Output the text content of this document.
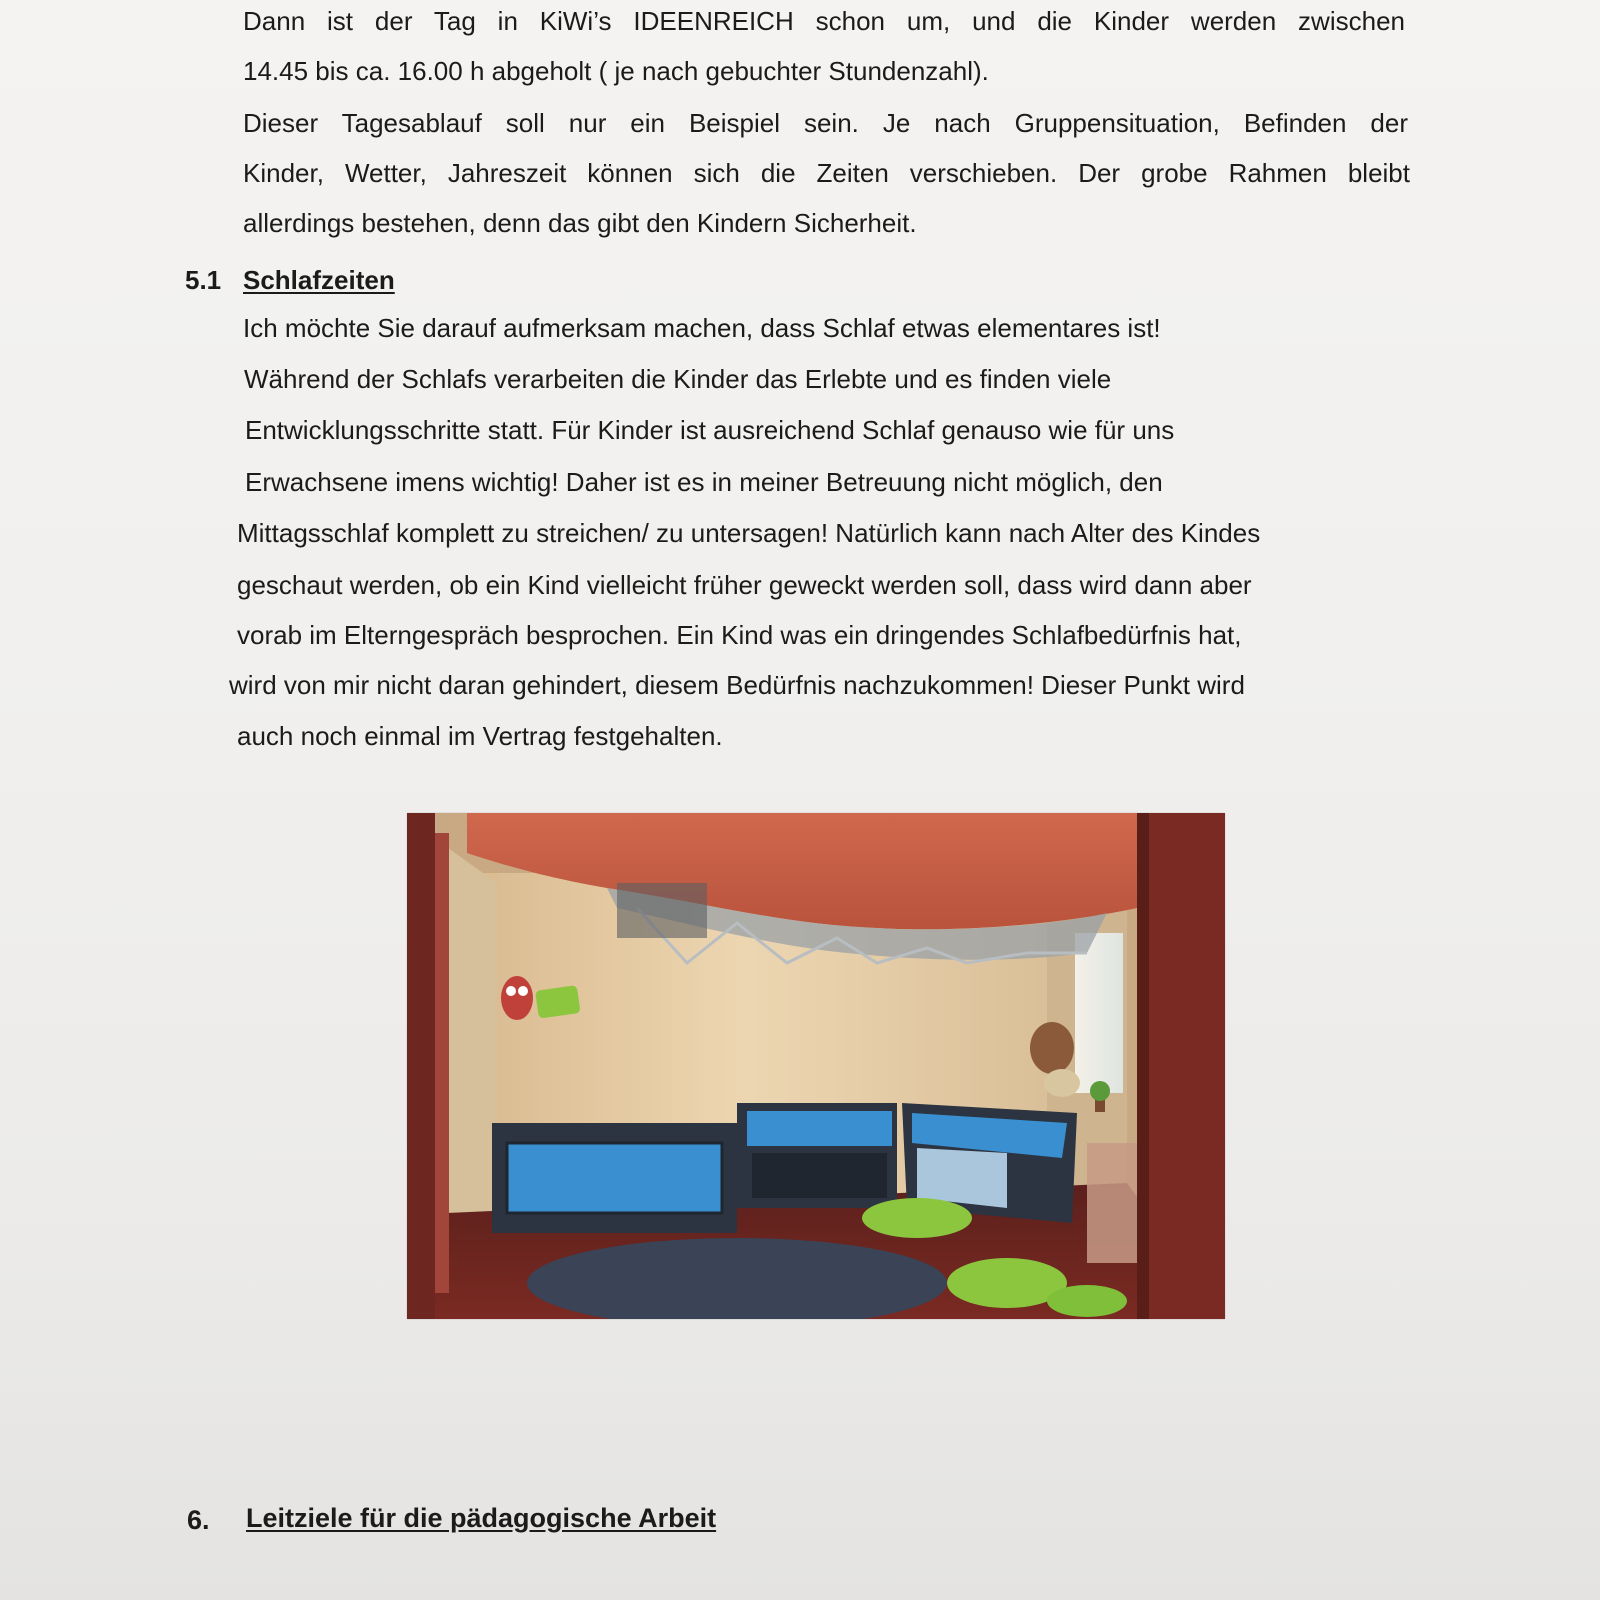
Dann ist der Tag in KiWi’s IDEENREICH schon um, und die Kinder werden zwischen
14.45 bis ca. 16.00 h abgeholt ( je nach gebuchter Stundenzahl).
Dieser Tagesablauf soll nur ein Beispiel sein. Je nach Gruppensituation, Befinden der
Kinder, Wetter, Jahreszeit können sich die Zeiten verschieben. Der grobe Rahmen bleibt
allerdings bestehen, denn das gibt den Kindern Sicherheit.
5.1 Schlafzeiten
Ich möchte Sie darauf aufmerksam machen, dass Schlaf etwas elementares ist!
Während der Schlafs verarbeiten die Kinder das Erlebte und es finden viele
Entwicklungsschritte statt. Für Kinder ist ausreichend Schlaf genauso wie für uns
Erwachsene imens wichtig! Daher ist es in meiner Betreuung nicht möglich, den
Mittagsschlaf komplett zu streichen/ zu untersagen! Natürlich kann nach Alter des Kindes
geschaut werden, ob ein Kind vielleicht früher geweckt werden soll, dass wird dann aber
vorab im Elterngespräch besprochen. Ein Kind was ein dringendes Schlafbedürfnis hat,
wird von mir nicht daran gehindert, diesem Bedürfnis nachzukommen! Dieser Punkt wird
auch noch einmal im Vertrag festgehalten.
6. Leitziele für die pädagogische Arbeit
